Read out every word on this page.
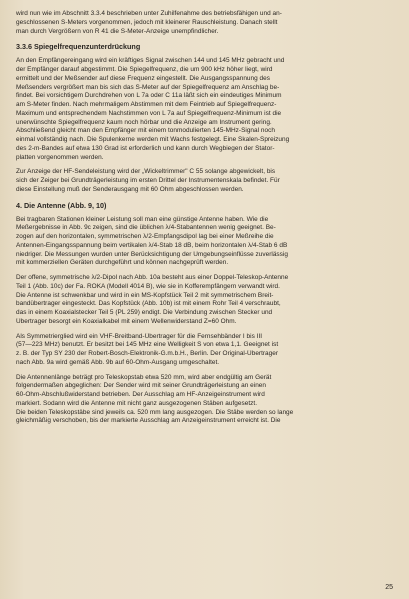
wird nun wie im Abschnitt 3.3.4 beschrieben unter Zuhilfenahme des betriebsfähigen und an-
geschlossenen S-Meters vorgenommen, jedoch mit kleinerer Rauschleistung. Danach stellt
man durch Vergrößern von R 41 die S-Meter-Anzeige unempfindlicher.
3.3.6 Spiegelfrequenzunterdrückung
An den Empfängereingang wird ein kräftiges Signal zwischen 144 und 145 MHz gebracht und
der Empfänger darauf abgestimmt. Die Spiegelfrequenz, die um 900 kHz höher liegt, wird
ermittelt und der Meßsender auf diese Frequenz eingestellt. Die Ausgangsspannung des
Meßsenders vergrößert man bis sich das S-Meter auf der Spiegelfrequenz am Anschlag be-
findet. Bei vorsichtigem Durchdrehen von L 7a oder C 11a läßt sich ein eindeutiges Minimum
am S-Meter finden. Nach mehrmaligem Abstimmen mit dem Feintrieb auf Spiegelfrequenz-
Maximum und entsprechendem Nachstimmen von L 7a auf Spiegelfrequenz-Minimum ist die
unerwünschte Spiegelfrequenz kaum noch hörbar und die Anzeige am Instrument gering.
Abschließend gleicht man den Empfänger mit einem tonmodulierten 145-MHz-Signal noch
einmal vollständig nach. Die Spulenkerne werden mit Wachs festgelegt. Eine Skalen-Spreizung
des 2-m-Bandes auf etwa 130 Grad ist erforderlich und kann durch Wegbiegen der Stator-
platten vorgenommen werden.
Zur Anzeige der HF-Sendeleistung wird der „Wickeltrimmer" C 55 solange abgewickelt, bis
sich der Zeiger bei Grundträgerleistung im ersten Drittel der Instrumentenskala befindet. Für
diese Einstellung muß der Senderausgang mit 60 Ohm abgeschlossen werden.
4. Die Antenne (Abb. 9, 10)
Bei tragbaren Stationen kleiner Leistung soll man eine günstige Antenne haben. Wie die
Meßergebnisse in Abb. 9c zeigen, sind die üblichen λ/4-Stabantennen wenig geeignet. Be-
zogen auf den horizontalen, symmetrischen λ/2-Empfangsdipol lag bei einer Meßreihe die
Antennen-Eingangsspannung beim vertikalen λ/4-Stab 18 dB, beim horizontalen λ/4-Stab 6 dB
niedriger. Die Messungen wurden unter Berücksichtigung der Umgebungseinflüsse zuverlässig
mit kommerziellen Geräten durchgeführt und können nachgeprüft werden.
Der offene, symmetrische λ/2-Dipol nach Abb. 10a besteht aus einer Doppel-Teleskop-Antenne
Teil 1 (Abb. 10c) der Fa. ROKA (Modell 4014 B), wie sie in Kofferempfängern verwandt wird.
Die Antenne ist schwenkbar und wird in ein MS-Kopfstück Teil 2 mit symmetrischem Breit-
bandübertrager eingesteckt. Das Kopfstück (Abb. 10b) ist mit einem Rohr Teil 4 verschraubt,
das in einem Koaxialstecker Teil 5 (PL 259) endigt. Die Verbindung zwischen Stecker und
Übertrager besorgt ein Koaxialkabel mit einem Wellenwiderstand Z=60 Ohm.
Als Symmetrierglied wird ein VHF-Breitband-Übertrager für die Fernsehbänder I bis III
(57—223 MHz) benutzt. Er besitzt bei 145 MHz eine Welligkeit S von etwa 1,1. Geeignet ist
z. B. der Typ SY 230 der Robert-Bosch-Elektronik-G.m.b.H., Berlin. Der Original-Übertrager
nach Abb. 9a wird gemäß Abb. 9b auf 60-Ohm-Ausgang umgeschaltet.
Die Antennenlänge beträgt pro Teleskopstab etwa 520 mm, wird aber endgültig am Gerät
folgendermaßen abgeglichen: Der Sender wird mit seiner Grundträgerleistung an einen
60-Ohm-Abschlußwiderstand betrieben. Der Ausschlag am HF-Anzeigeinstrument wird
markiert. Sodann wird die Antenne mit nicht ganz ausgezogenen Stäben aufgesetzt.
Die beiden Teleskopstäbe sind jeweils ca. 520 mm lang ausgezogen. Die Stäbe werden so lange
gleichmäßig verschoben, bis der markierte Ausschlag am Anzeigeinstrument erreicht ist. Die
25
